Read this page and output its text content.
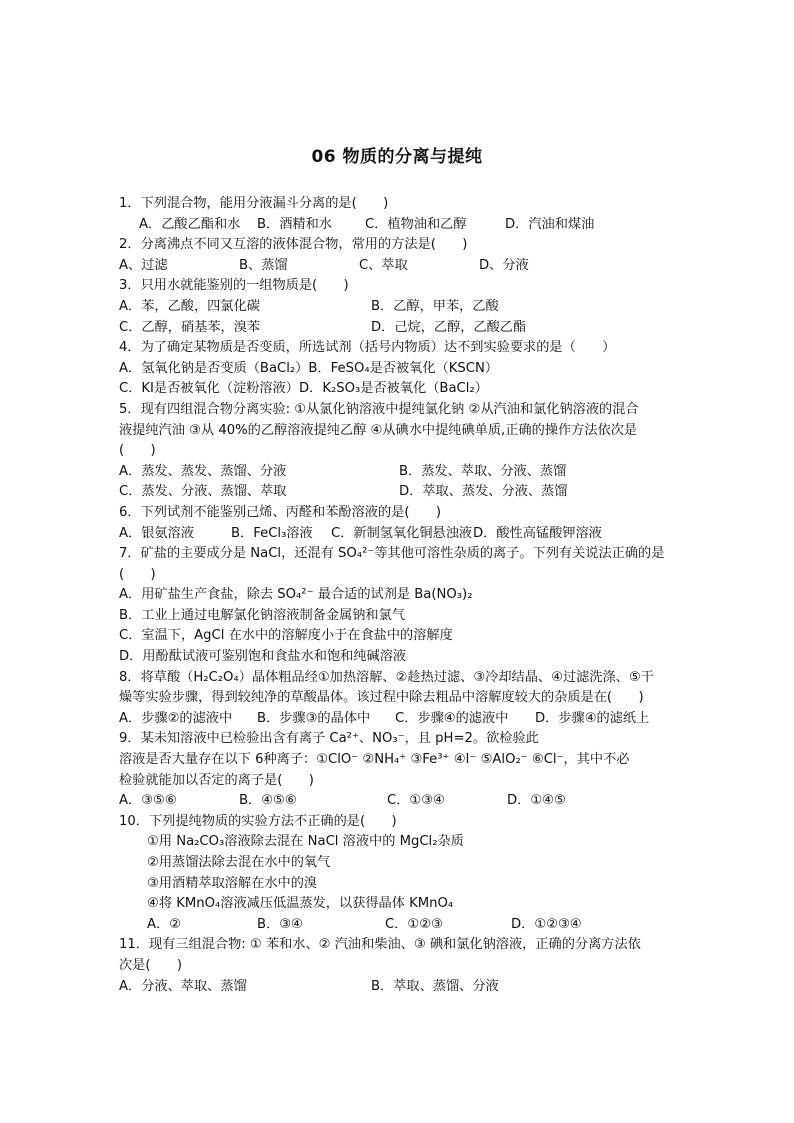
06 物质的分离与提纯
1．下列混合物，能用分液漏斗分离的是(　　)
A．乙酸乙酯和水	B．酒精和水	C．植物油和乙醇	D．汽油和煤油
2．分离沸点不同又互溶的液体混合物，常用的方法是(　　)
A、过滤	B、蒸馏	C、萃取	D、分液
3．只用水就能鉴别的一组物质是(　　)
A．苯，乙酸，四氯化碳	B．乙醇，甲苯，乙酸
C．乙醇，硝基苯，溴苯	D．己烷，乙醇，乙酸乙酯
4．为了确定某物质是否变质，所选试剂（括号内物质）达不到实验要求的是（　　）
A．氢氧化钠是否变质（BaCl₂）B．FeSO₄是否被氧化（KSCN）
C．KI是否被氧化（淀粉溶液）D．K₂SO₃是否被氧化（BaCl₂）
5．现有四组混合物分离实验: ①从氯化钠溶液中提纯氯化钠 ②从汽油和氯化钠溶液的混合
液提纯汽油 ③从 40%的乙醇溶液提纯乙醇 ④从碘水中提纯碘单质,正确的操作方法依次是
(　　)
A．蒸发、蒸发、蒸馏、分液	B．蒸发、萃取、分液、蒸馏
C．蒸发、分液、蒸馏、萃取	D．萃取、蒸发、分液、蒸馏
6．下列试剂不能鉴别己烯、丙醛和苯酚溶液的是(　　)
A．银氨溶液	B．FeCl₃溶液	C．新制氢氧化铜悬浊液 D．酸性高锰酸钾溶液
7．矿盐的主要成分是 NaCl，还混有 SO₄²⁻等其他可溶性杂质的离子。下列有关说法正确的是
(　　)
A．用矿盐生产食盐，除去 SO₄²⁻ 最合适的试剂是 Ba(NO₃)₂
B．工业上通过电解氯化钠溶液制备金属钠和氯气
C．室温下，AgCl 在水中的溶解度小于在食盐中的溶解度
D．用酚酞试液可鉴别饱和食盐水和饱和纯碱溶液
8．将草酸（H₂C₂O₄）晶体粗品经①加热溶解、②趁热过滤、③冷却结晶、④过滤洗涤、⑤干
燥等实验步骤，得到较纯净的草酸晶体。该过程中除去粗品中溶解度较大的杂质是在(　　)
A．步骤②的滤液中	B．步骤③的晶体中	C．步骤④的滤液中	D．步骤④的滤纸上
9．某未知溶液中已检验出含有离子 Ca²⁺、NO₃⁻，且 pH=2。欲检验此
溶液是否大量存在以下 6种离子：①ClO⁻ ②NH₄⁺ ③Fe³⁺ ④I⁻ ⑤AlO₂⁻ ⑥Cl⁻，其中不必
检验就能加以否定的离子是(　　)
A．③⑤⑥	B．④⑤⑥	C．①③④	D．①④⑤
10．下列提纯物质的实验方法不正确的是(　　)
①用 Na₂CO₃溶液除去混在 NaCl 溶液中的 MgCl₂杂质
②用蒸馏法除去混在水中的氧气
③用酒精萃取溶解在水中的溴
④将 KMnO₄溶液减压低温蒸发，以获得晶体 KMnO₄
A．②	B．③④	C．①②③	D．①②③④
11．现有三组混合物: ① 苯和水、② 汽油和柴油、③ 碘和氯化钠溶液，正确的分离方法依
次是(　　)
A．分液、萃取、蒸馏	B．萃取、蒸馏、分液
